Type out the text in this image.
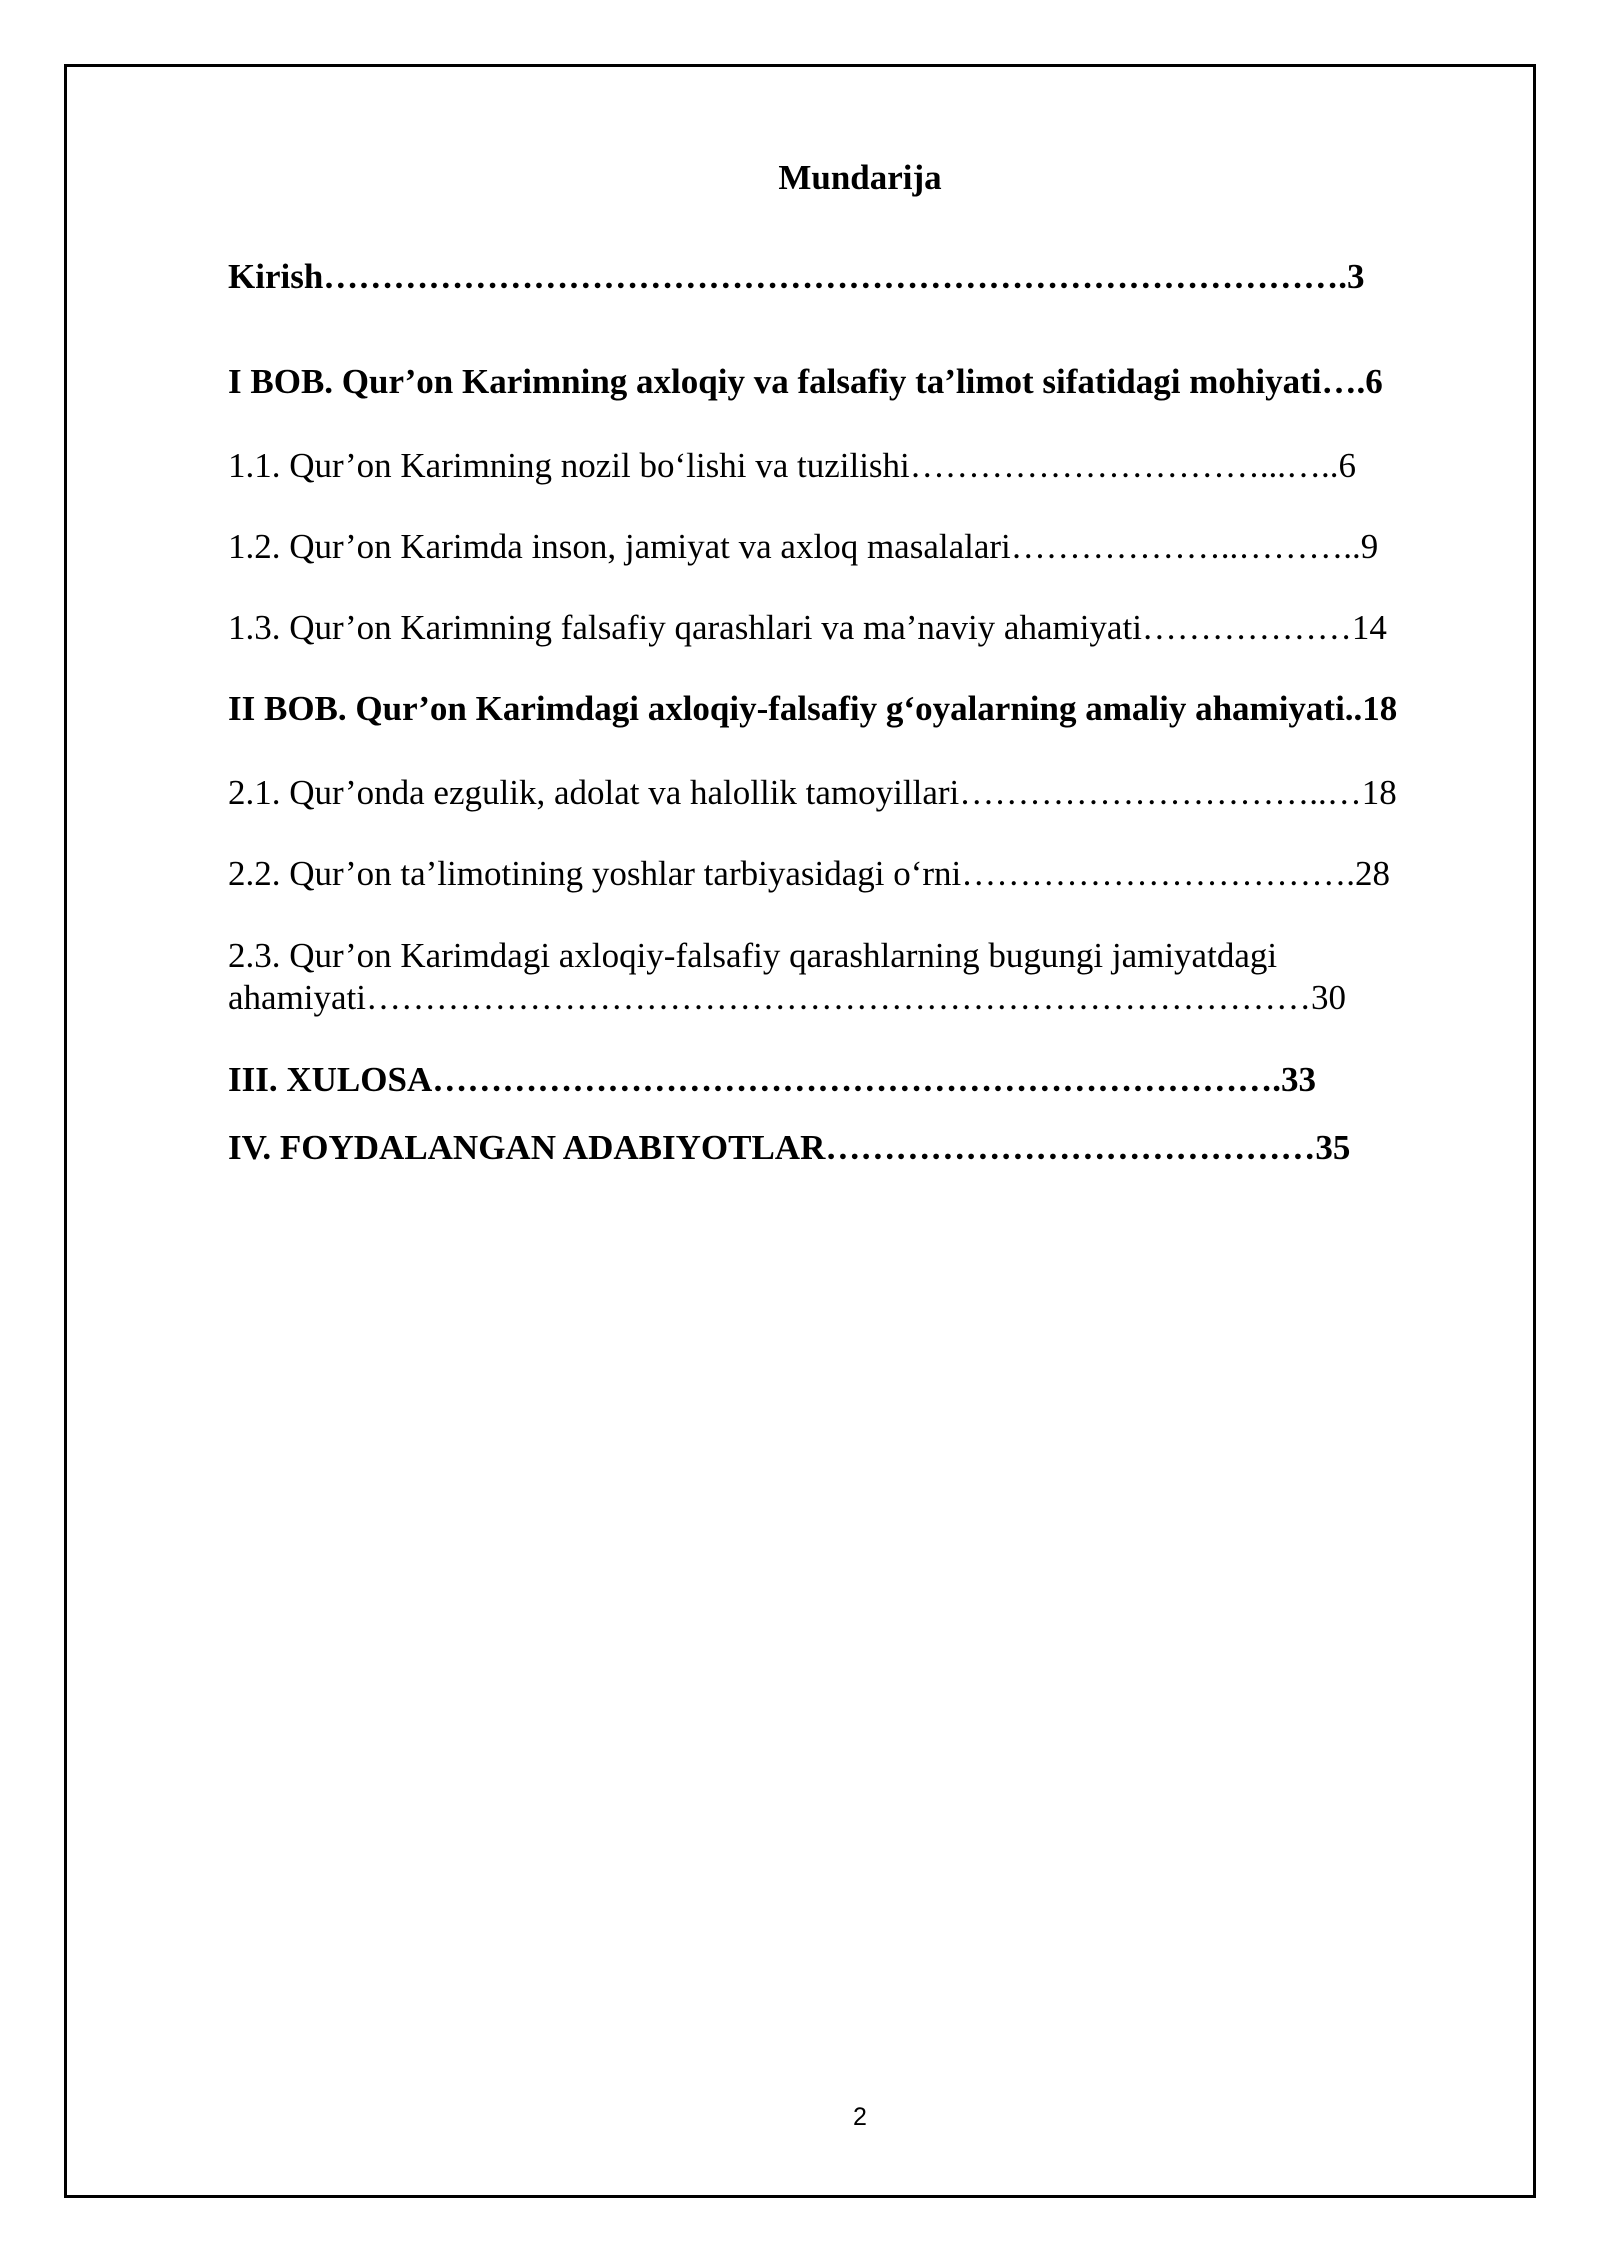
Mundarija
Kirish…………………………………………………………………………….3
I BOB. Qur’on Karimning axloqiy va falsafiy ta’limot sifatidagi mohiyati….6
1.1. Qur’on Karimning nozil bo‘lishi va tuzilishi…………………………...…..6
1.2. Qur’on Karimda inson, jamiyat va axloq masalalari………………..………..9
1.3. Qur’on Karimning falsafiy qarashlari va ma’naviy ahamiyati………………14
II BOB. Qur’on Karimdagi axloqiy-falsafiy g‘oyalarning amaliy ahamiyati..18
2.1. Qur’onda ezgulik, adolat va halollik tamoyillari…………………………..…18
2.2. Qur’on ta’limotining yoshlar tarbiyasidagi o‘rni…………………………….28
2.3. Qur’on Karimdagi axloqiy-falsafiy qarashlarning bugungi jamiyatdagi
ahamiyati………………………………………………………………………30
III. XULOSA……………………………………………………………….33
IV. FOYDALANGAN ADABIYOTLAR……………………………………35
2
